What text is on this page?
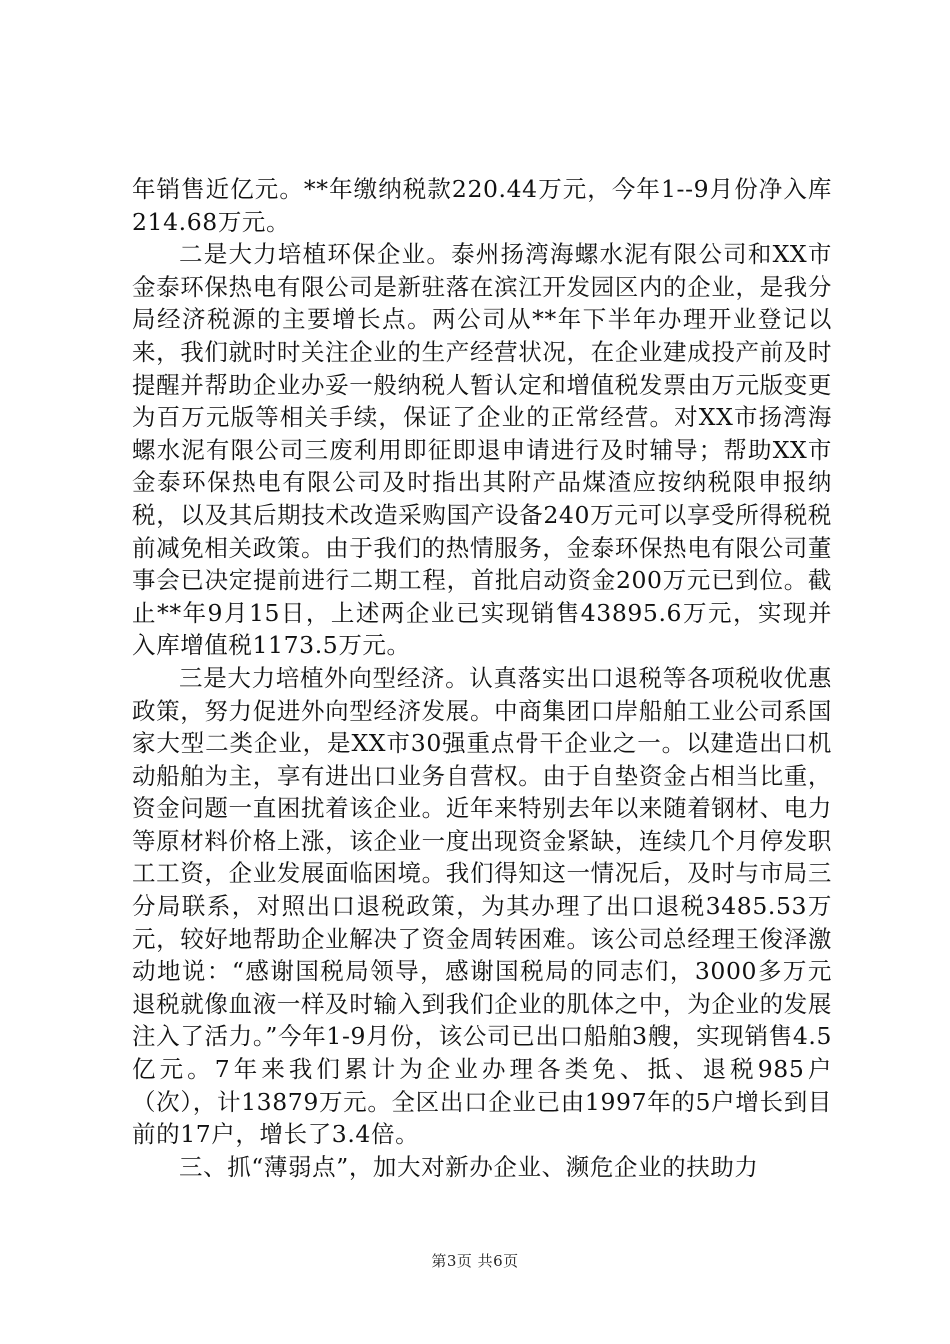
年销售近亿元。**年缴纳税款220.44万元，今年1--9月份净入库214.68万元。

二是大力培植环保企业。泰州扬湾海螺水泥有限公司和XX市金泰环保热电有限公司是新驻落在滨江开发园区内的企业，是我分局经济税源的主要增长点。两公司从**年下半年办理开业登记以来，我们就时时关注企业的生产经营状况，在企业建成投产前及时提醒并帮助企业办妥一般纳税人暂认定和增值税发票由万元版变更为百万元版等相关手续，保证了企业的正常经营。对XX市扬湾海螺水泥有限公司三废利用即征即退申请进行及时辅导；帮助XX市金泰环保热电有限公司及时指出其附产品煤渣应按纳税限申报纳税，以及其后期技术改造采购国产设备240万元可以享受所得税税前减免相关政策。由于我们的热情服务，金泰环保热电有限公司董事会已决定提前进行二期工程，首批启动资金200万元已到位。截止**年9月15日，上述两企业已实现销售43895.6万元，实现并入库增值税1173.5万元。

三是大力培植外向型经济。认真落实出口退税等各项税收优惠政策，努力促进外向型经济发展。中商集团口岸船舶工业公司系国家大型二类企业，是XX市30强重点骨干企业之一。以建造出口机动船舶为主，享有进出口业务自营权。由于自垫资金占相当比重，资金问题一直困扰着该企业。近年来特别去年以来随着钢材、电力等原材料价格上涨，该企业一度出现资金紧缺，连续几个月停发职工工资，企业发展面临困境。我们得知这一情况后，及时与市局三分局联系，对照出口退税政策，为其办理了出口退税3485.53万元，较好地帮助企业解决了资金周转困难。该公司总经理王俊泽激动地说：“感谢国税局领导，感谢国税局的同志们，3000多万元退税就像血液一样及时输入到我们企业的肌体之中，为企业的发展注入了活力。”今年1-9月份，该公司已出口船舶3艘，实现销售4.5亿元。7年来我们累计为企业办理各类免、抵、退税985户（次），计13879万元。全区出口企业已由1997年的5户增长到目前的17户，增长了3.4倍。

三、抓“薄弱点”，加大对新办企业、濒危企业的扶助力

第3页 共6页
